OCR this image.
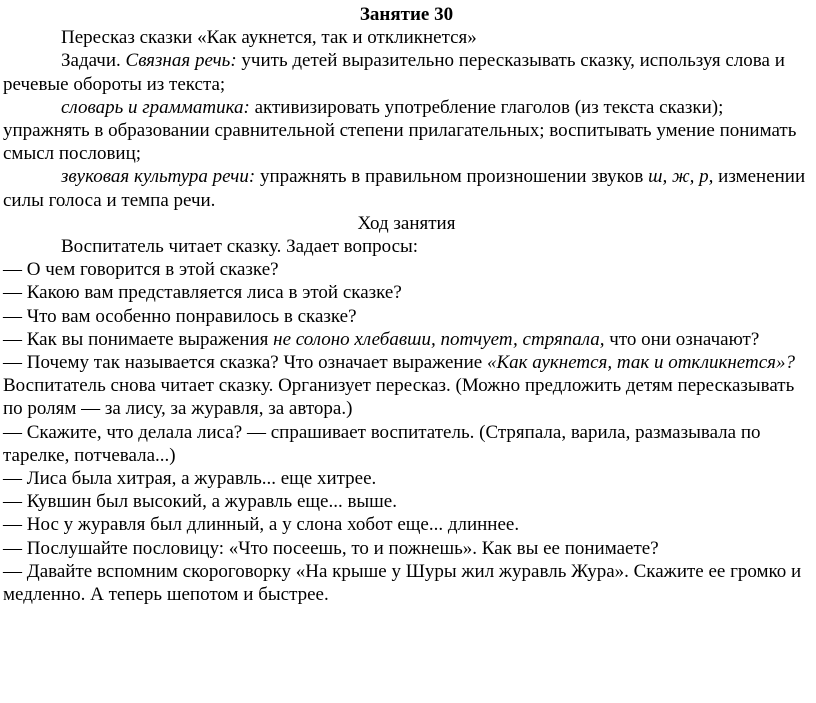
Занятие 30

Пересказ сказки «Как аукнется, так и откликнется»

Задачи. Связная речь: учить детей выразительно пересказывать сказку, используя слова и речевые обороты из текста;

словарь и грамматика: активизировать употребление глаголов (из текста сказки); упражнять в образовании сравнительной степени прилагательных; воспитывать умение понимать смысл пословиц;

звуковая культура речи: упражнять в правильном произношении звуков ш, ж, р, изменении силы голоса и темпа речи.

Ход занятия

Воспитатель читает сказку. Задает вопросы:

— О чем говорится в этой сказке?

— Какою вам представляется лиса в этой сказке?

— Что вам особенно понравилось в сказке?

— Как вы понимаете выражения не солоно хлебавши, потчует, стряпала, что они означают?

— Почему так называется сказка? Что означает выражение «Как аукнется, так и откликнется»?

Воспитатель снова читает сказку. Организует пересказ. (Можно предложить детям пересказывать по ролям — за лису, за журавля, за автора.)

— Скажите, что делала лиса? — спрашивает воспитатель. (Стряпала, варила, размазывала по тарелке, потчевала...)

— Лиса была хитрая, а журавль... еще хитрее.

— Кувшин был высокий, а журавль еще... выше.

— Нос у журавля был длинный, а у слона хобот еще... длиннее.

— Послушайте пословицу: «Что посеешь, то и пожнешь». Как вы ее понимаете?

— Давайте вспомним скороговорку «На крыше у Шуры жил журавль Жура». Скажите ее громко и медленно. А теперь шепотом и быстрее.
